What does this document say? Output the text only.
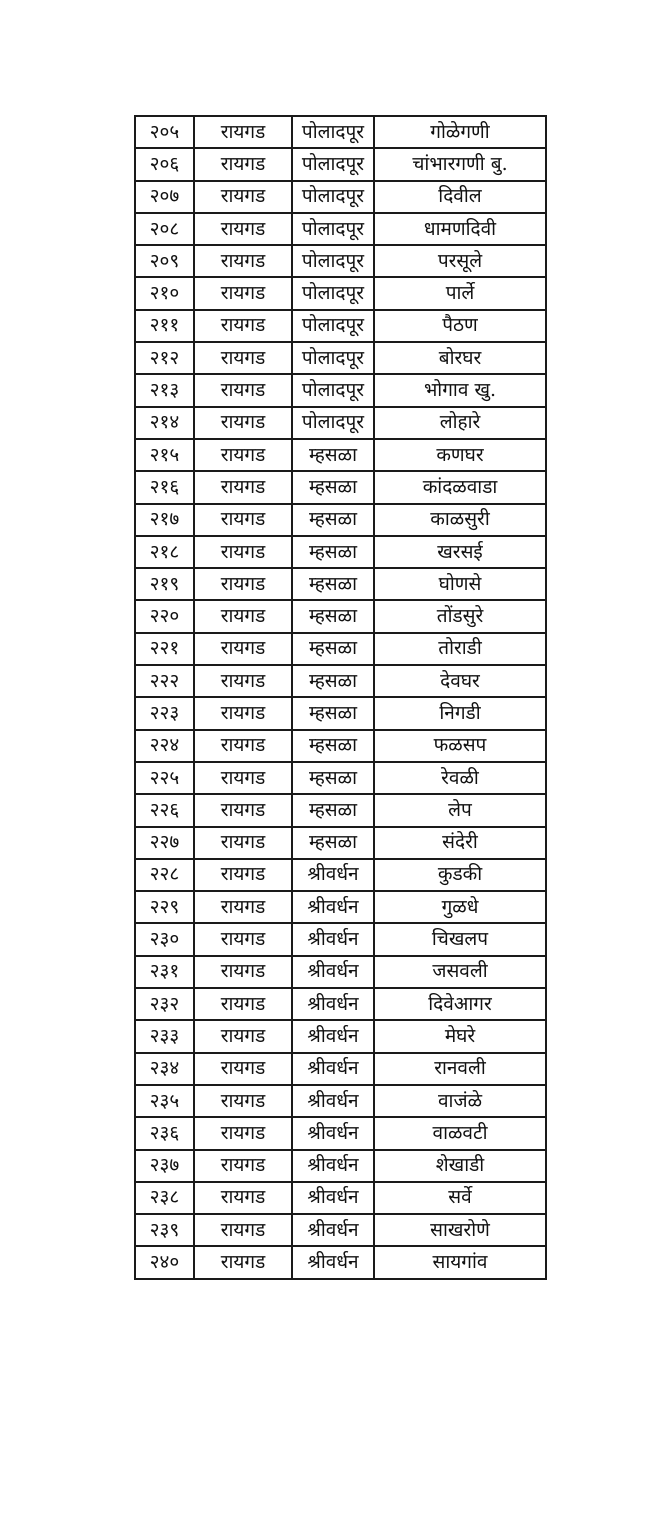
२०५	रायगड	पोलादपूर	गोळेगणी
२०६	रायगड	पोलादपूर	चांभारगणी बु.
२०७	रायगड	पोलादपूर	दिवील
२०८	रायगड	पोलादपूर	धामणदिवी
२०९	रायगड	पोलादपूर	परसूले
२१०	रायगड	पोलादपूर	पार्ले
२११	रायगड	पोलादपूर	पैठण
२१२	रायगड	पोलादपूर	बोरघर
२१३	रायगड	पोलादपूर	भोगाव खु.
२१४	रायगड	पोलादपूर	लोहारे
२१५	रायगड	म्हसळा	कणघर
२१६	रायगड	म्हसळा	कांदळवाडा
२१७	रायगड	म्हसळा	काळसुरी
२१८	रायगड	म्हसळा	खरसई
२१९	रायगड	म्हसळा	घोणसे
२२०	रायगड	म्हसळा	तोंडसुरे
२२१	रायगड	म्हसळा	तोराडी
२२२	रायगड	म्हसळा	देवघर
२२३	रायगड	म्हसळा	निगडी
२२४	रायगड	म्हसळा	फळसप
२२५	रायगड	म्हसळा	रेवळी
२२६	रायगड	म्हसळा	लेप
२२७	रायगड	म्हसळा	संदेरी
२२८	रायगड	श्रीवर्धन	कुडकी
२२९	रायगड	श्रीवर्धन	गुळधे
२३०	रायगड	श्रीवर्धन	चिखलप
२३१	रायगड	श्रीवर्धन	जसवली
२३२	रायगड	श्रीवर्धन	दिवेआगर
२३३	रायगड	श्रीवर्धन	मेघरे
२३४	रायगड	श्रीवर्धन	रानवली
२३५	रायगड	श्रीवर्धन	वाजंळे
२३६	रायगड	श्रीवर्धन	वाळवटी
२३७	रायगड	श्रीवर्धन	शेखाडी
२३८	रायगड	श्रीवर्धन	सर्वे
२३९	रायगड	श्रीवर्धन	साखरोणे
२४०	रायगड	श्रीवर्धन	सायगांव
